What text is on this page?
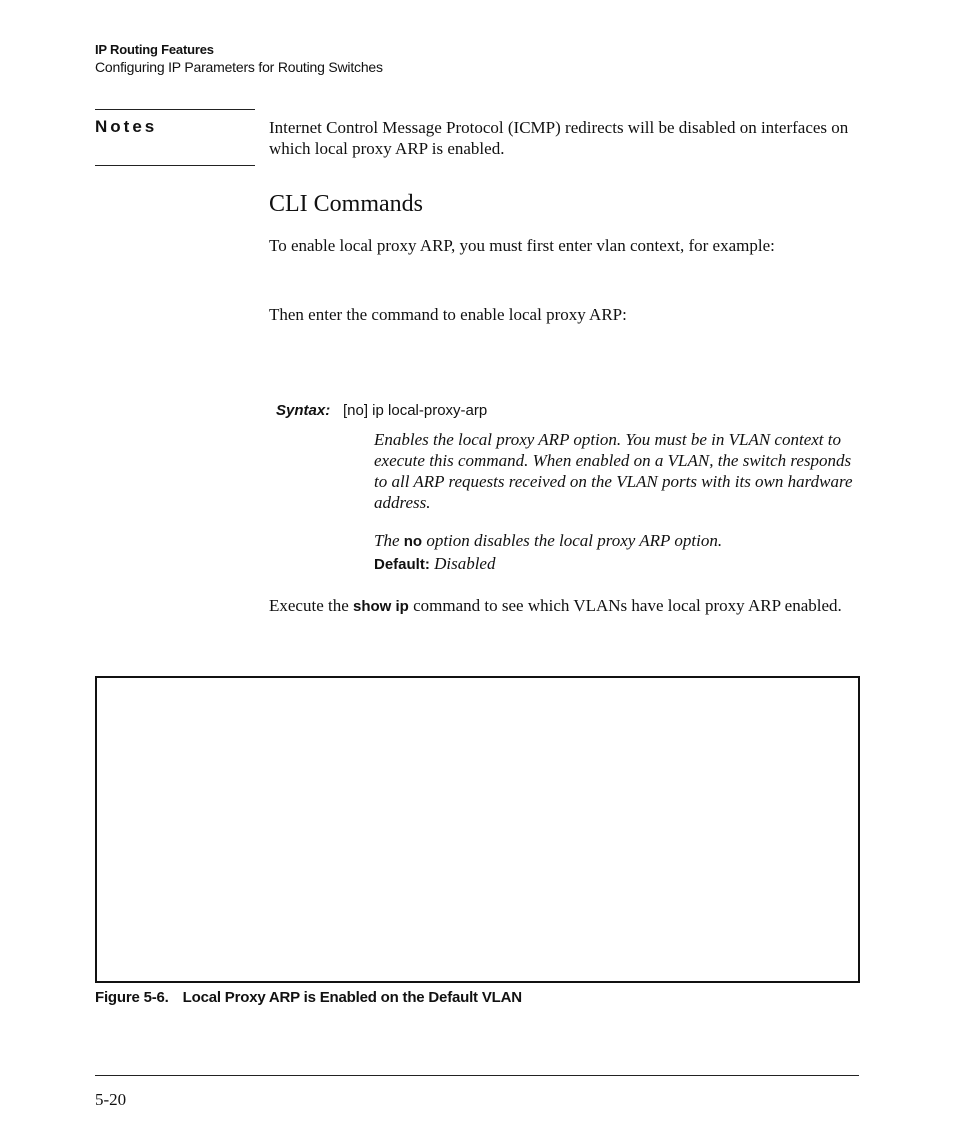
IP Routing Features
Configuring IP Parameters for Routing Switches
Notes	Internet Control Message Protocol (ICMP) redirects will be disabled on interfaces on which local proxy ARP is enabled.
CLI Commands
To enable local proxy ARP, you must first enter vlan context, for example:
Then enter the command to enable local proxy ARP:
Syntax: [no] ip local-proxy-arp
Enables the local proxy ARP option. You must be in VLAN context to execute this command. When enabled on a VLAN, the switch responds to all ARP requests received on the VLAN ports with its own hardware address.
The no option disables the local proxy ARP option.
Default: Disabled
Execute the show ip command to see which VLANs have local proxy ARP enabled.
Figure 5-6. Local Proxy ARP is Enabled on the Default VLAN
5-20
